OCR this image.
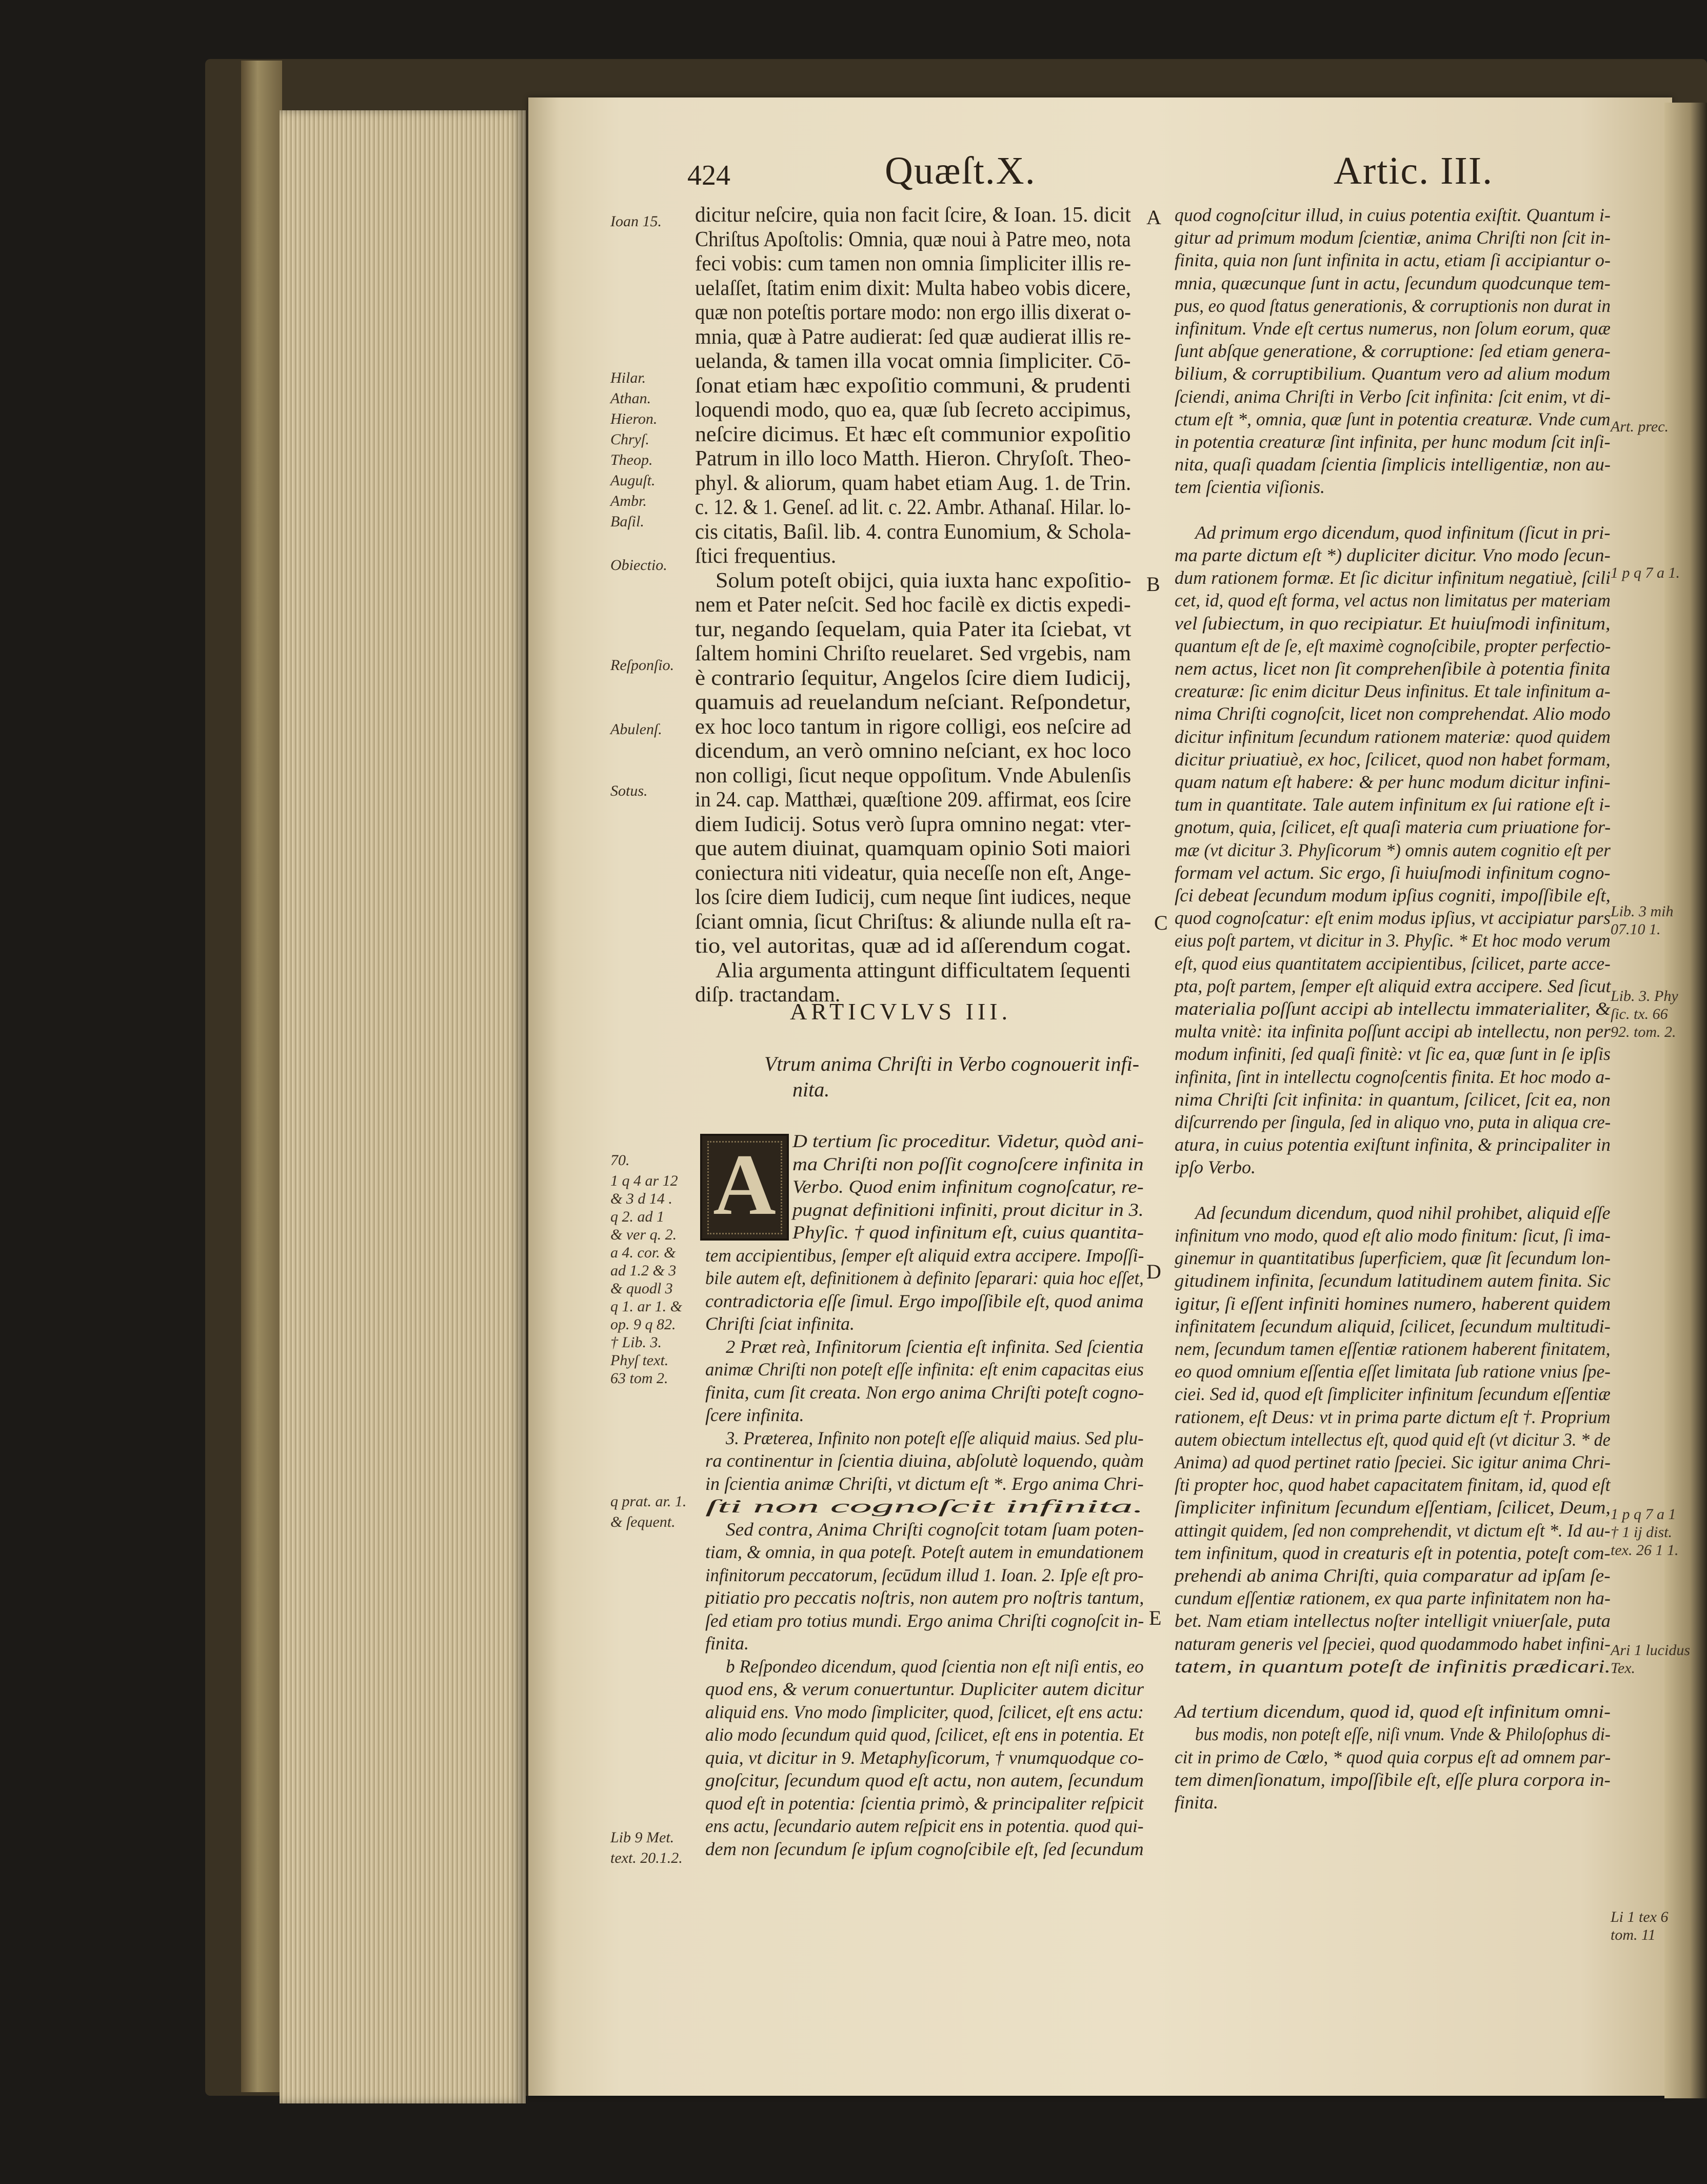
424	Quæſt.X.	Artic. III.
A
B
C
D
E
ARTICVLVS III.
Vtrum anima Chriſti in Verbo cognouerit infi-
nita.
A
Ioan 15.
Hilar.
Athan.
Hieron.
Chryſ.
Theop.
Auguſt.
Ambr.
Baſil.
Obiectio.
Reſponſio.
Abulenſ.
Sotus.
70.
1 q 4 ar 12
& 3 d 14 .
q 2. ad 1
& ver q. 2.
a 4. cor. &
ad 1.2 & 3
& quodl 3
q 1. ar 1. &
op. 9 q 82.
† Lib. 3.
Phyſ text.
63 tom 2.
q prat. ar. 1.
& ſequent.
Lib 9 Met.
text. 20.1.2.
Art. prec.
1 p q 7 a 1.
Lib. 3 mih
07.10 1.
Lib. 3. Phy
ſic. tx. 66
92. tom. 2.
1 p q 7 a 1
† 1 ij dist.
tex. 26 1 1.
Ari 1 lucidus
Tex.
Li 1 tex 6
tom. 11
dicitur neſcire, quia non facit ſcire, & Ioan. 15. dicit
Chriſtus Apoſtolis: Omnia, quæ noui à Patre meo, nota
feci vobis: cum tamen non omnia ſimpliciter illis re-
uelaſſet, ſtatim enim dixit: Multa habeo vobis dicere,
quæ non poteſtis portare modo: non ergo illis dixerat o-
mnia, quæ à Patre audierat: ſed quæ audierat illis re-
uelanda, & tamen illa vocat omnia ſimpliciter. Cō-
ſonat etiam hæc expoſitio communi, & prudenti
loquendi modo, quo ea, quæ ſub ſecreto accipimus,
neſcire dicimus. Et hæc eſt communior expoſitio
Patrum in illo loco Matth. Hieron. Chryſoſt. Theo-
phyl. & aliorum, quam habet etiam Aug. 1. de Trin.
c. 12. & 1. Geneſ. ad lit. c. 22. Ambr. Athanaſ. Hilar. lo-
cis citatis, Baſil. lib. 4. contra Eunomium, & Schola-
ſtici frequentius.
Solum poteſt obijci, quia iuxta hanc expoſitio-
nem et Pater neſcit. Sed hoc facilè ex dictis expedi-
tur, negando ſequelam, quia Pater ita ſciebat, vt
ſaltem homini Chriſto reuelaret. Sed vrgebis, nam
è contrario ſequitur, Angelos ſcire diem Iudicij,
quamuis ad reuelandum neſciant. Reſpondetur,
ex hoc loco tantum in rigore colligi, eos neſcire ad
dicendum, an verò omnino neſciant, ex hoc loco
non colligi, ſicut neque oppoſitum. Vnde Abulenſis
in 24. cap. Matthæi, quæſtione 209. affirmat, eos ſcire
diem Iudicij. Sotus verò ſupra omnino negat: vter-
que autem diuinat, quamquam opinio Soti maiori
coniectura niti videatur, quia neceſſe non eſt, Ange-
los ſcire diem Iudicij, cum neque ſint iudices, neque
ſciant omnia, ſicut Chriſtus: & aliunde nulla eſt ra-
tio, vel autoritas, quæ ad id aſſerendum cogat.
Alia argumenta attingunt difficultatem ſequenti
diſp. tractandam.
D tertium ſic proceditur. Videtur, quòd ani-
ma Chriſti non poſſit cognoſcere infinita in
Verbo. Quod enim infinitum cognoſcatur, re-
pugnat definitioni infiniti, prout dicitur in 3.
Phyſic. † quod infinitum eſt, cuius quantita-
tem accipientibus, ſemper eſt aliquid extra accipere. Impoſſi-
bile autem eſt, definitionem à definito ſeparari: quia hoc eſſet,
contradictoria eſſe ſimul. Ergo impoſſibile eſt, quod anima
Chriſti ſciat infinita.
2 Præt reà, Infinitorum ſcientia eſt infinita. Sed ſcientia
animæ Chriſti non poteſt eſſe infinita: eſt enim capacitas eius
finita, cum ſit creata. Non ergo anima Chriſti poteſt cogno-
ſcere infinita.
3. Præterea, Infinito non poteſt eſſe aliquid maius. Sed plu-
ra continentur in ſcientia diuina, abſolutè loquendo, quàm
in ſcientia animæ Chriſti, vt dictum eſt *. Ergo anima Chri-
ſti non cognoſcit infinita.
Sed contra, Anima Chriſti cognoſcit totam ſuam poten-
tiam, & omnia, in qua poteſt. Poteſt autem in emundationem
infinitorum peccatorum, ſecūdum illud 1. Ioan. 2. Ipſe eſt pro-
pitiatio pro peccatis noſtris, non autem pro noſtris tantum,
ſed etiam pro totius mundi. Ergo anima Chriſti cognoſcit in-
finita.
b Reſpondeo dicendum, quod ſcientia non eſt niſi entis, eo
quod ens, & verum conuertuntur. Dupliciter autem dicitur
aliquid ens. Vno modo ſimpliciter, quod, ſcilicet, eſt ens actu:
alio modo ſecundum quid quod, ſcilicet, eſt ens in potentia. Et
quia, vt dicitur in 9. Metaphyſicorum, † vnumquodque co-
gnoſcitur, ſecundum quod eſt actu, non autem, ſecundum
quod eſt in potentia: ſcientia primò, & principaliter reſpicit
ens actu, ſecundario autem reſpicit ens in potentia. quod qui-
dem non ſecundum ſe ipſum cognoſcibile eſt, ſed ſecundum
quod cognoſcitur illud, in cuius potentia exiſtit. Quantum i-
gitur ad primum modum ſcientiæ, anima Chriſti non ſcit in-
finita, quia non ſunt infinita in actu, etiam ſi accipiantur o-
mnia, quæcunque ſunt in actu, ſecundum quodcunque tem-
pus, eo quod ſtatus generationis, & corruptionis non durat in
infinitum. Vnde eſt certus numerus, non ſolum eorum, quæ
ſunt abſque generatione, & corruptione: ſed etiam genera-
bilium, & corruptibilium. Quantum vero ad alium modum
ſciendi, anima Chriſti in Verbo ſcit infinita: ſcit enim, vt di-
ctum eſt *, omnia, quæ ſunt in potentia creaturæ. Vnde cum
in potentia creaturæ ſint infinita, per hunc modum ſcit inſi-
nita, quaſi quadam ſcientia ſimplicis intelligentiæ, non au-
tem ſcientia viſionis.
Ad primum ergo dicendum, quod infinitum (ſicut in pri-
ma parte dictum eſt *) dupliciter dicitur. Vno modo ſecun-
dum rationem formæ. Et ſic dicitur infinitum negatiuè, ſcili
cet, id, quod eſt forma, vel actus non limitatus per materiam
vel ſubiectum, in quo recipiatur. Et huiuſmodi infinitum,
quantum eſt de ſe, eſt maximè cognoſcibile, propter perfectio-
nem actus, licet non ſit comprehenſibile à potentia finita
creaturæ: ſic enim dicitur Deus infinitus. Et tale infinitum a-
nima Chriſti cognoſcit, licet non comprehendat. Alio modo
dicitur infinitum ſecundum rationem materiæ: quod quidem
dicitur priuatiuè, ex hoc, ſcilicet, quod non habet formam,
quam natum eſt habere: & per hunc modum dicitur infini-
tum in quantitate. Tale autem infinitum ex ſui ratione eſt i-
gnotum, quia, ſcilicet, eſt quaſi materia cum priuatione for-
mæ (vt dicitur 3. Phyſicorum *) omnis autem cognitio eſt per
formam vel actum. Sic ergo, ſi huiuſmodi infinitum cogno-
ſci debeat ſecundum modum ipſius cogniti, impoſſibile eſt,
quod cognoſcatur: eſt enim modus ipſius, vt accipiatur pars
eius poſt partem, vt dicitur in 3. Phyſic. * Et hoc modo verum
eſt, quod eius quantitatem accipientibus, ſcilicet, parte acce-
pta, poſt partem, ſemper eſt aliquid extra accipere. Sed ſicut
materialia poſſunt accipi ab intellectu immaterialiter, &
multa vnitè: ita infinita poſſunt accipi ab intellectu, non per
modum infiniti, ſed quaſi finitè: vt ſic ea, quæ ſunt in ſe ipſis
infinita, ſint in intellectu cognoſcentis finita. Et hoc modo a-
nima Chriſti ſcit infinita: in quantum, ſcilicet, ſcit ea, non
diſcurrendo per ſingula, ſed in aliquo vno, puta in aliqua cre-
atura, in cuius potentia exiſtunt infinita, & principaliter in
ipſo Verbo.
Ad ſecundum dicendum, quod nihil prohibet, aliquid eſſe
infinitum vno modo, quod eſt alio modo finitum: ſicut, ſi ima-
ginemur in quantitatibus ſuperficiem, quæ ſit ſecundum lon-
gitudinem infinita, ſecundum latitudinem autem finita. Sic
igitur, ſi eſſent infiniti homines numero, haberent quidem
infinitatem ſecundum aliquid, ſcilicet, ſecundum multitudi-
nem, ſecundum tamen eſſentiæ rationem haberent finitatem,
eo quod omnium eſſentia eſſet limitata ſub ratione vnius ſpe-
ciei. Sed id, quod eſt ſimpliciter infinitum ſecundum eſſentiæ
rationem, eſt Deus: vt in prima parte dictum eſt †. Proprium
autem obiectum intellectus eſt, quod quid eſt (vt dicitur 3. * de
Anima) ad quod pertinet ratio ſpeciei. Sic igitur anima Chri-
ſti propter hoc, quod habet capacitatem finitam, id, quod eſt
ſimpliciter infinitum ſecundum eſſentiam, ſcilicet, Deum,
attingit quidem, ſed non comprehendit, vt dictum eſt *. Id au-
tem infinitum, quod in creaturis eſt in potentia, poteſt com-
prehendi ab anima Chriſti, quia comparatur ad ipſam ſe-
cundum eſſentiæ rationem, ex qua parte infinitatem non ha-
bet. Nam etiam intellectus noſter intelligit vniuerſale, puta
naturam generis vel ſpeciei, quod quodammodo habet infini-
tatem, in quantum poteſt de infinitis prædicari.
Ad tertium dicendum, quod id, quod eſt infinitum omni-
bus modis, non poteſt eſſe, niſi vnum. Vnde & Philoſophus di-
cit in primo de Cœlo, * quod quia corpus eſt ad omnem par-
tem dimenſionatum, impoſſibile eſt, eſſe plura corpora in-
finita.
